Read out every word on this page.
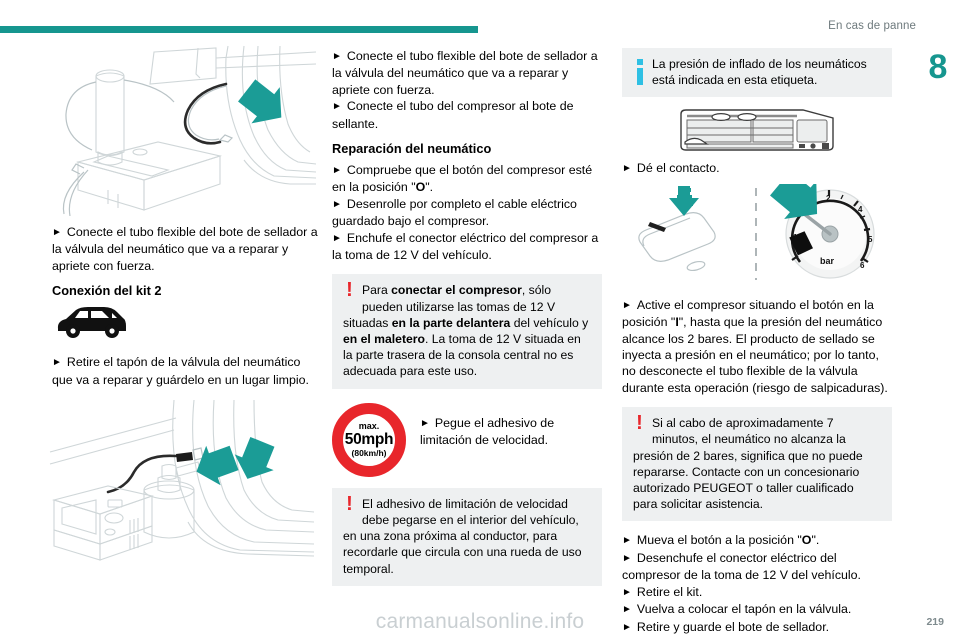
En cas de panne
8

► Conecte el tubo flexible del bote de sellador a la válvula del neumático que va a reparar y apriete con fuerza.

Conexión del kit 2

► Retire el tapón de la válvula del neumático que va a reparar y guárdelo en un lugar limpio.

► Conecte el tubo flexible del bote de sellador a la válvula del neumático que va a reparar y apriete con fuerza.

► Conecte el tubo del compresor al bote de sellante.

Reparación del neumático

► Compruebe que el botón del compresor esté en la posición "O".

► Desenrolle por completo el cable eléctrico guardado bajo el compresor.

► Enchufe el conector eléctrico del compresor a la toma de 12 V del vehículo.

! Para conectar el compresor, sólo pueden utilizarse las tomas de 12 V situadas en la parte delantera del vehículo y en el maletero. La toma de 12 V situada en la parte trasera de la consola central no es adecuada para este uso.
max.
50mph
(80km/h)
► Pegue el adhesivo de limitación de velocidad.
! El adhesivo de limitación de velocidad debe pegarse en el interior del vehículo, en una zona próxima al conductor, para recordarle que circula con una rueda de uso temporal.
La presión de inflado de los neumáticos está indicada en esta etiqueta.

► Dé el contacto.

1
2
4
5
6
bar

► Active el compresor situando el botón en la posición "I", hasta que la presión del neumático alcance los 2 bares. El producto de sellado se inyecta a presión en el neumático; por lo tanto, no desconecte el tubo flexible de la válvula durante esta operación (riesgo de salpicaduras).

! Si al cabo de aproximadamente 7 minutos, el neumático no alcanza la presión de 2 bares, significa que no puede repararse. Contacte con un concesionario autorizado PEUGEOT o taller cualificado para solicitar asistencia.

► Mueva el botón a la posición "O".

► Desenchufe el conector eléctrico del compresor de la toma de 12 V del vehículo.

► Retire el kit.

► Vuelva a colocar el tapón en la válvula.

► Retire y guarde el bote de sellador.

carmanualsonline.info	219
